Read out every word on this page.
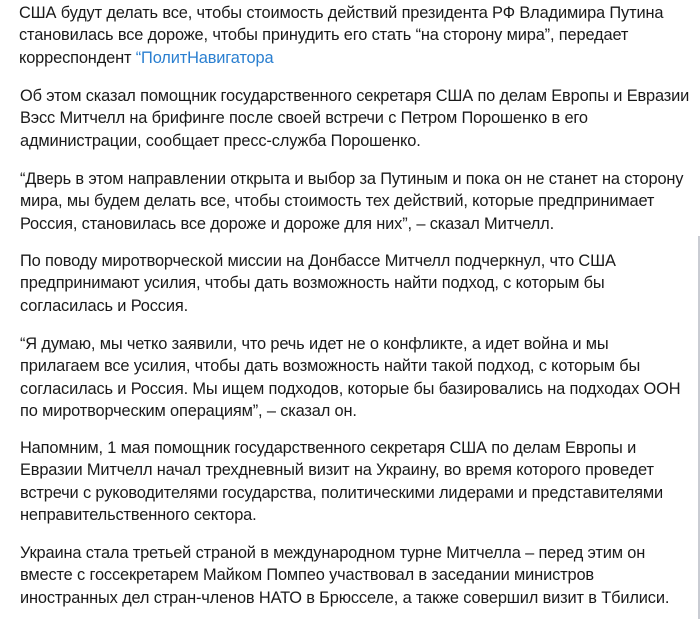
США будут делать все, чтобы стоимость действий президента РФ Владимира Путина становилась все дороже, чтобы принудить его стать “на сторону мира”, передает корреспондент “ПолитНавигатора

Об этом сказал помощник государственного секретаря США по делам Европы и Евразии Вэсс Митчелл на брифинге после своей встречи с Петром Порошенко в его администрации, сообщает пресс-служба Порошенко.

“Дверь в этом направлении открыта и выбор за Путиным и пока он не станет на сторону мира, мы будем делать все, чтобы стоимость тех действий, которые предпринимает Россия, становилась все дороже и дороже для них”, – сказал Митчелл.

По поводу миротворческой миссии на Донбассе Митчелл подчеркнул, что США предпринимают усилия, чтобы дать возможность найти подход, с которым бы согласилась и Россия.

“Я думаю, мы четко заявили, что речь идет не о конфликте, а идет война и мы прилагаем все усилия, чтобы дать возможность найти такой подход, с которым бы согласилась и Россия. Мы ищем подходов, которые бы базировались на подходах ООН по миротворческим операциям”, – сказал он.

Напомним, 1 мая помощник государственного секретаря США по делам Европы и Евразии Митчелл начал трехдневный визит на Украину, во время которого проведет встречи с руководителями государства, политическими лидерами и представителями неправительственного сектора.

Украина стала третьей страной в международном турне Митчелла – перед этим он вместе с госсекретарем Майком Помпео участвовал в заседании министров иностранных дел стран-членов НАТО в Брюсселе, а также совершил визит в Тбилиси.
